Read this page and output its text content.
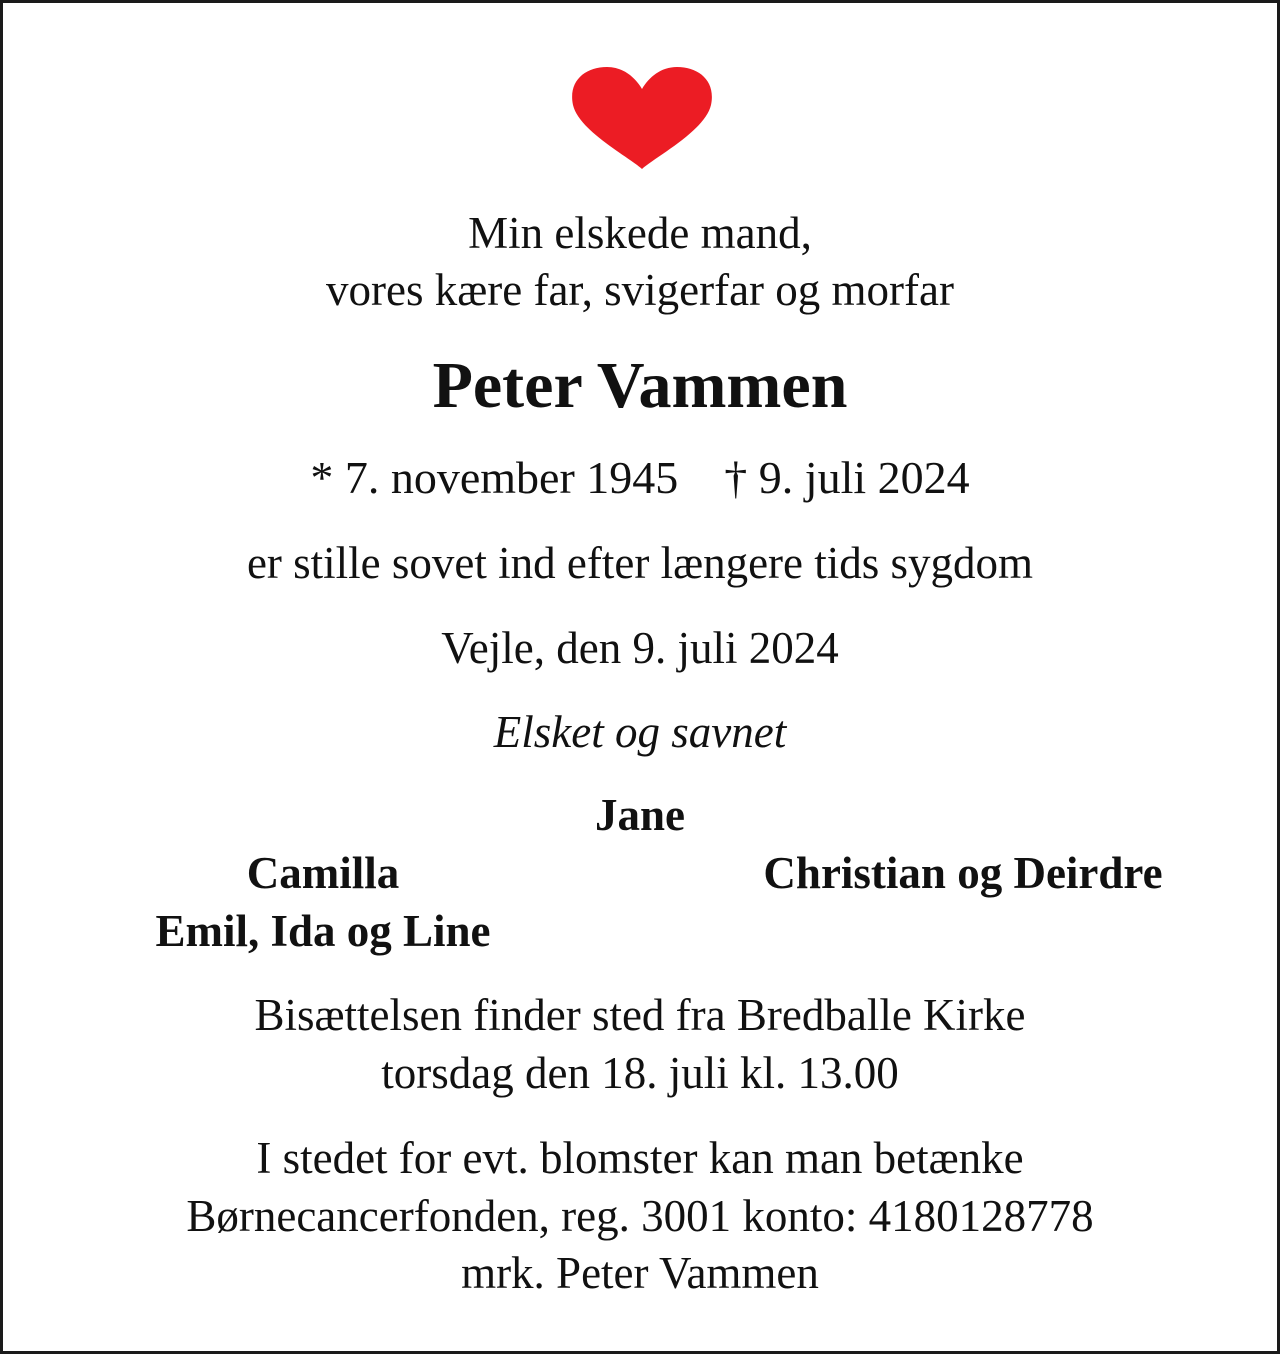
Min elskede mand,
vores kære far, svigerfar og morfar
Peter Vammen
* 7. november 1945 † 9. juli 2024
er stille sovet ind efter længere tids sygdom
Vejle, den 9. juli 2024
Elsket og savnet
Jane
Camilla
Emil, Ida og Line
Christian og Deirdre
Bisættelsen finder sted fra Bredballe Kirke
torsdag den 18. juli kl. 13.00
I stedet for evt. blomster kan man betænke
Børnecancerfonden, reg. 3001 konto: 4180128778
mrk. Peter Vammen
